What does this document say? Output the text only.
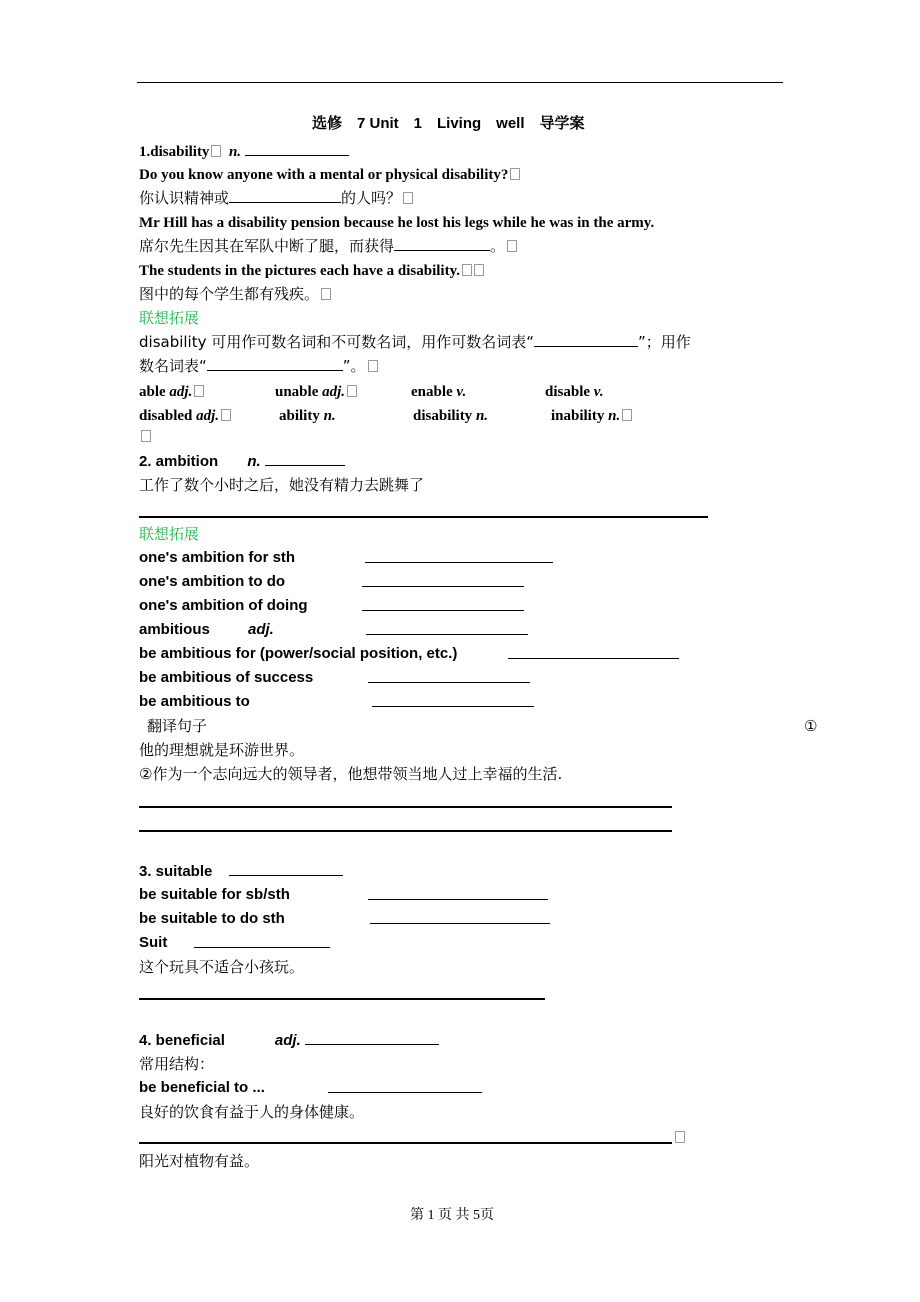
选修　7 Unit　1　Living　well　导学案
1.disability n.
Do you know anyone with a mental or physical disability?
你认识精神或	的人吗？
Mr Hill has a disability pension because he lost his legs while he was in the army.
席尔先生因其在军队中断了腿，而获得	。
The students in the pictures each have a disability.
图中的每个学生都有残疾。
联想拓展
disability 可用作可数名词和不可数名词，用作可数名词表“	”；用作
数名词表“	”。
able adj.	unable adj.	enable v.	disable v.
disabled adj.	ability n.	disability n.	inability n.
2. ambition n.
工作了数个小时之后，她没有精力去跳舞了
联想拓展
one's ambition for sth
one's ambition to do
one's ambition of doing
ambitious	adj.
be ambitious for (power/social position, etc.)
be ambitious of success
be ambitious to
翻译句子	①
他的理想就是环游世界。
②作为一个志向远大的领导者，他想带领当地人过上幸福的生活.
3. suitable
be suitable for sb/sth
be suitable to do sth
Suit
这个玩具不适合小孩玩。
4. beneficial	adj.
常用结构：
be beneficial to ...
良好的饮食有益于人的身体健康。
阳光对植物有益。
第 1 页 共 5页
